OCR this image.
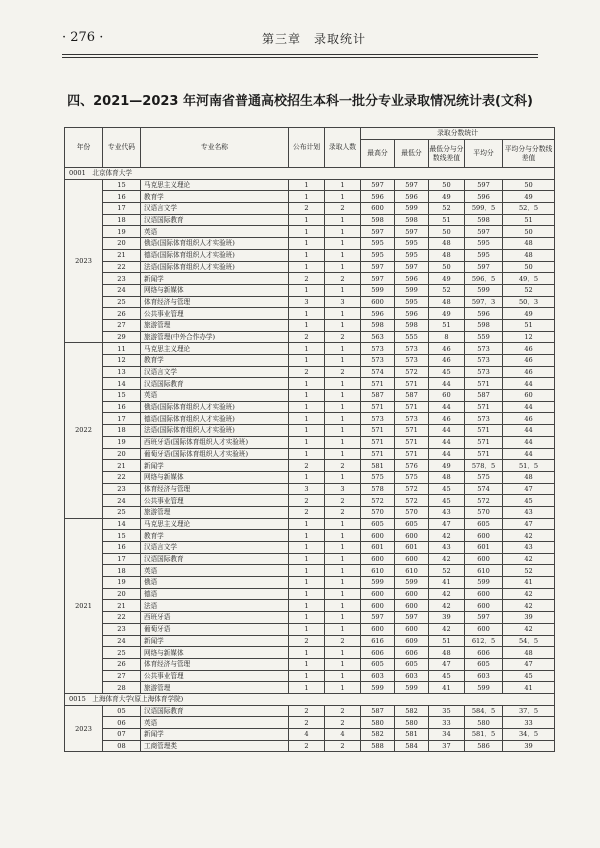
· 276 ·	第三章　录取统计
四、2021—2023 年河南省普通高校招生本科一批分专业录取情况统计表(文科)
年份	专业代码	专业名称	公布计划	录取人数	录取分数统计				
					最高分	最低分	最低分与分数线差值	平均分	平均分与分数线差值
0001　北京体育大学									
2023	15	马克思主义理论	1	1	597	597	50	597	50
	16	教育学	1	1	596	596	49	596	49
	17	汉语言文学	2	2	600	599	52	599．5	52．5
	18	汉语国际教育	1	1	598	598	51	598	51
	19	英语	1	1	597	597	50	597	50
	20	俄语(国际体育组织人才实验班)	1	1	595	595	48	595	48
	21	德语(国际体育组织人才实验班)	1	1	595	595	48	595	48
	22	法语(国际体育组织人才实验班)	1	1	597	597	50	597	50
	23	新闻学	2	2	597	596	49	596．5	49．5
	24	网络与新媒体	1	1	599	599	52	599	52
	25	体育经济与管理	3	3	600	595	48	597．3	50．3
	26	公共事业管理	1	1	596	596	49	596	49
	27	旅游管理	1	1	598	598	51	598	51
	29	旅游管理(中外合作办学)	2	2	563	555	8	559	12
2022	11	马克思主义理论	1	1	573	573	46	573	46
	12	教育学	1	1	573	573	46	573	46
	13	汉语言文学	2	2	574	572	45	573	46
	14	汉语国际教育	1	1	571	571	44	571	44
	15	英语	1	1	587	587	60	587	60
	16	俄语(国际体育组织人才实验班)	1	1	571	571	44	571	44
	17	德语(国际体育组织人才实验班)	1	1	573	573	46	573	46
	18	法语(国际体育组织人才实验班)	1	1	571	571	44	571	44
	19	西班牙语(国际体育组织人才实验班)	1	1	571	571	44	571	44
	20	葡萄牙语(国际体育组织人才实验班)	1	1	571	571	44	571	44
	21	新闻学	2	2	581	576	49	578．5	51．5
	22	网络与新媒体	1	1	575	575	48	575	48
	23	体育经济与管理	3	3	578	572	45	574	47
	24	公共事业管理	2	2	572	572	45	572	45
	25	旅游管理	2	2	570	570	43	570	43
2021	14	马克思主义理论	1	1	605	605	47	605	47
	15	教育学	1	1	600	600	42	600	42
	16	汉语言文学	1	1	601	601	43	601	43
	17	汉语国际教育	1	1	600	600	42	600	42
	18	英语	1	1	610	610	52	610	52
	19	俄语	1	1	599	599	41	599	41
	20	德语	1	1	600	600	42	600	42
	21	法语	1	1	600	600	42	600	42
	22	西班牙语	1	1	597	597	39	597	39
	23	葡萄牙语	1	1	600	600	42	600	42
	24	新闻学	2	2	616	609	51	612．5	54．5
	25	网络与新媒体	1	1	606	606	48	606	48
	26	体育经济与管理	1	1	605	605	47	605	47
	27	公共事业管理	1	1	603	603	45	603	45
	28	旅游管理	1	1	599	599	41	599	41
0015　上海体育大学(原上海体育学院)									
2023	05	汉语国际教育	2	2	587	582	35	584．5	37．5
	06	英语	2	2	580	580	33	580	33
	07	新闻学	4	4	582	581	34	581．5	34．5
	08	工商管理类	2	2	588	584	37	586	39
